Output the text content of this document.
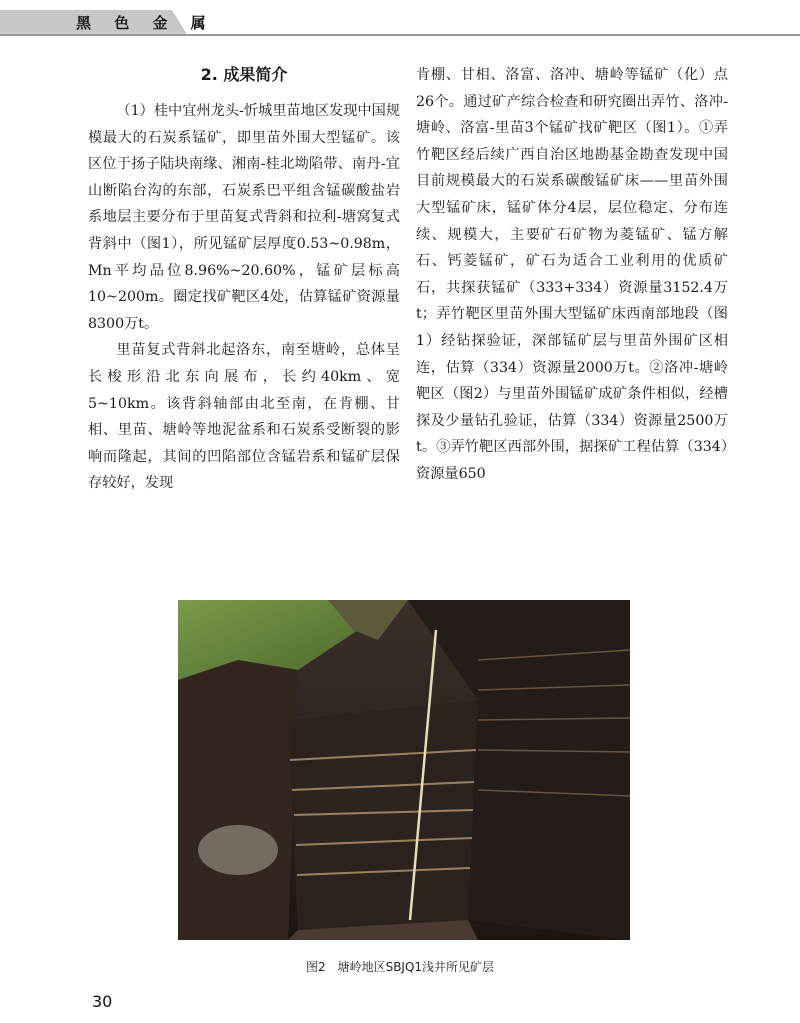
黑 色 金 属
2. 成果简介

（1）桂中宜州龙头-忻城里苗地区发现中国规模最大的石炭系锰矿，即里苗外围大型锰矿。该区位于扬子陆块南缘、湘南-桂北坳陷带、南丹-宜山断陷台沟的东部，石炭系巴平组含锰碳酸盐岩系地层主要分布于里苗复式背斜和拉利-塘窝复式背斜中（图1），所见锰矿层厚度0.53~0.98m，Mn平均品位8.96%~20.60%，锰矿层标高10~200m。圈定找矿靶区4处，估算锰矿资源量8300万t。

里苗复式背斜北起洛东，南至塘岭，总体呈长梭形沿北东向展布，长约40km、宽5~10km。该背斜轴部由北至南，在肯棚、甘相、里苗、塘岭等地泥盆系和石炭系受断裂的影响而隆起，其间的凹陷部位含锰岩系和锰矿层保存较好，发现

肯棚、甘相、洛富、洛冲、塘岭等锰矿（化）点26个。通过矿产综合检查和研究圈出弄竹、洛冲-塘岭、洛富-里苗3个锰矿找矿靶区（图1）。①弄竹靶区经后续广西自治区地勘基金勘查发现中国目前规模最大的石炭系碳酸锰矿床——里苗外围大型锰矿床，锰矿体分4层，层位稳定、分布连续、规模大，主要矿石矿物为菱锰矿、锰方解石、钙菱锰矿，矿石为适合工业利用的优质矿石，共探获锰矿（333+334）资源量3152.4万t；弄竹靶区里苗外围大型锰矿床西南部地段（图1）经钻探验证，深部锰矿层与里苗外围矿区相连，估算（334）资源量2000万t。②洛冲-塘岭靶区（图2）与里苗外围锰矿成矿条件相似，经槽探及少量钻孔验证，估算（334）资源量2500万t。③弄竹靶区西部外围，据探矿工程估算（334）资源量650

图2　塘岭地区SBJQ1浅井所见矿层
30
